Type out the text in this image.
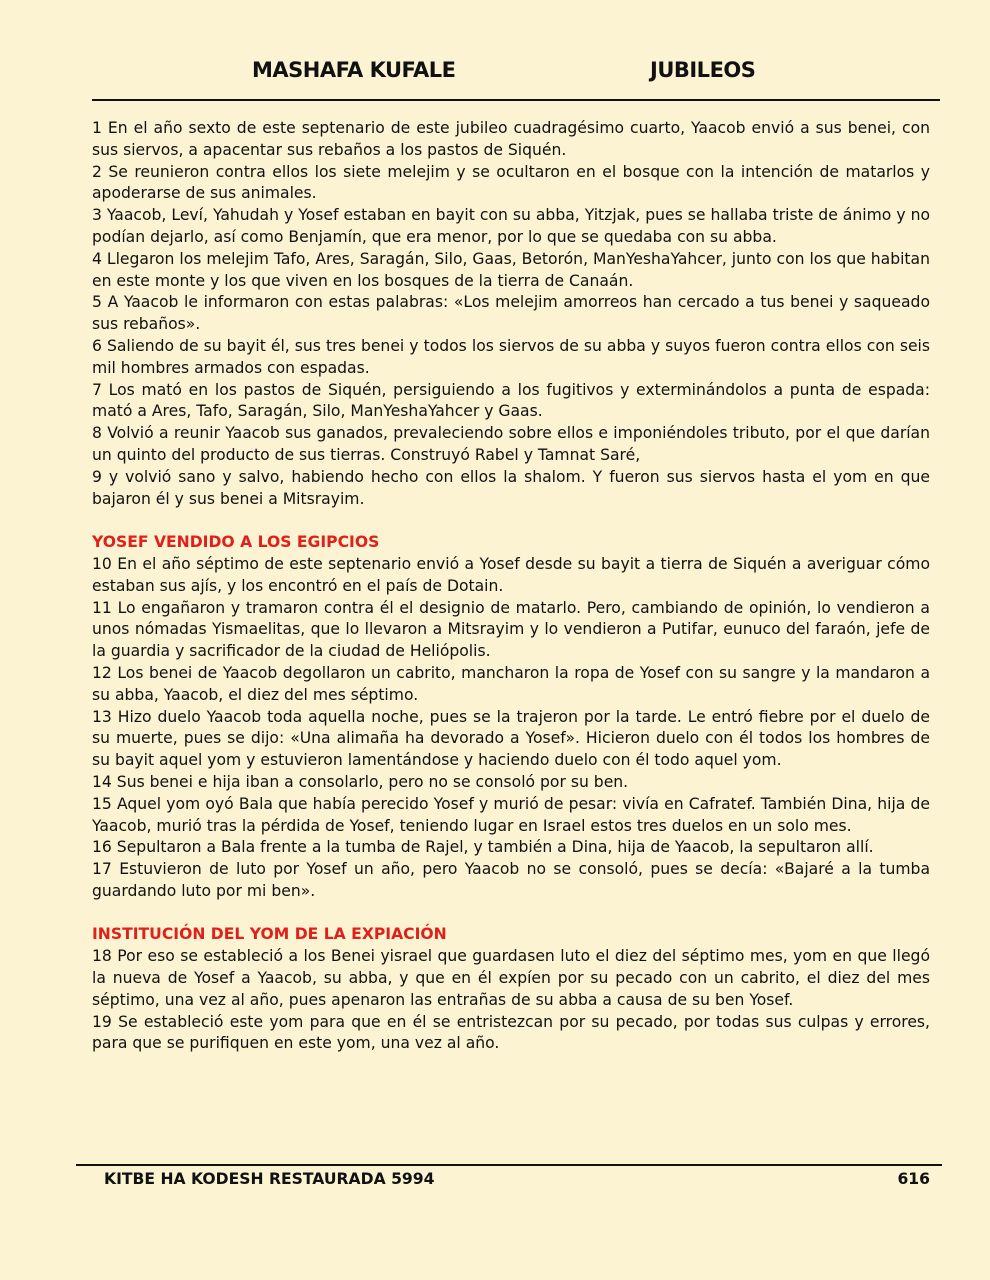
MASHAFA KUFALE	JUBILEOS

1 En el año sexto de este septenario de este jubileo cuadragésimo cuarto, Yaacob envió a sus benei, con sus siervos, a apacentar sus rebaños a los pastos de Siquén.

2 Se reunieron contra ellos los siete melejim y se ocultaron en el bosque con la intención de matarlos y apoderarse de sus animales.

3 Yaacob, Leví, Yahudah y Yosef estaban en bayit con su abba, Yitzjak, pues se hallaba triste de ánimo y no podían dejarlo, así como Benjamín, que era menor, por lo que se quedaba con su abba.

4 Llegaron los melejim Tafo, Ares, Saragán, Silo, Gaas, Betorón, ManYeshaYahcer, junto con los que habitan en este monte y los que viven en los bosques de la tierra de Canaán.

5 A Yaacob le informaron con estas palabras: «Los melejim amorreos han cercado a tus benei y saqueado sus rebaños».

6 Saliendo de su bayit él, sus tres benei y todos los siervos de su abba y suyos fueron contra ellos con seis mil hombres armados con espadas.

7 Los mató en los pastos de Siquén, persiguiendo a los fugitivos y exterminándolos a punta de espada: mató a Ares, Tafo, Saragán, Silo, ManYeshaYahcer y Gaas.

8 Volvió a reunir Yaacob sus ganados, prevaleciendo sobre ellos e imponiéndoles tributo, por el que darían un quinto del producto de sus tierras. Construyó Rabel y Tamnat Saré,

9 y volvió sano y salvo, habiendo hecho con ellos la shalom. Y fueron sus siervos hasta el yom en que bajaron él y sus benei a Mitsrayim.

YOSEF VENDIDO A LOS EGIPCIOS

10 En el año séptimo de este septenario envió a Yosef desde su bayit a tierra de Siquén a averiguar cómo estaban sus ajís, y los encontró en el país de Dotain.

11 Lo engañaron y tramaron contra él el designio de matarlo. Pero, cambiando de opinión, lo vendieron a unos nómadas Yismaelitas, que lo llevaron a Mitsrayim y lo vendieron a Putifar, eunuco del faraón, jefe de la guardia y sacrificador de la ciudad de Heliópolis.

12 Los benei de Yaacob degollaron un cabrito, mancharon la ropa de Yosef con su sangre y la mandaron a su abba, Yaacob, el diez del mes séptimo.

13 Hizo duelo Yaacob toda aquella noche, pues se la trajeron por la tarde. Le entró fiebre por el duelo de su muerte, pues se dijo: «Una alimaña ha devorado a Yosef». Hicieron duelo con él todos los hombres de su bayit aquel yom y estuvieron lamentándose y haciendo duelo con él todo aquel yom.

14 Sus benei e hija iban a consolarlo, pero no se consoló por su ben.

15 Aquel yom oyó Bala que había perecido Yosef y murió de pesar: vivía en Cafratef. También Dina, hija de Yaacob, murió tras la pérdida de Yosef, teniendo lugar en Israel estos tres duelos en un solo mes.

16 Sepultaron a Bala frente a la tumba de Rajel, y también a Dina, hija de Yaacob, la sepultaron allí.

17 Estuvieron de luto por Yosef un año, pero Yaacob no se consoló, pues se decía: «Bajaré a la tumba guardando luto por mi ben».

INSTITUCIÓN DEL YOM DE LA EXPIACIÓN

18 Por eso se estableció a los Benei yisrael que guardasen luto el diez del séptimo mes, yom en que llegó la nueva de Yosef a Yaacob, su abba, y que en él expíen por su pecado con un cabrito, el diez del mes séptimo, una vez al año, pues apenaron las entrañas de su abba a causa de su ben Yosef.

19 Se estableció este yom para que en él se entristezcan por su pecado, por todas sus culpas y errores, para que se purifiquen en este yom, una vez al año.

KITBE HA KODESH RESTAURADA 5994	616
